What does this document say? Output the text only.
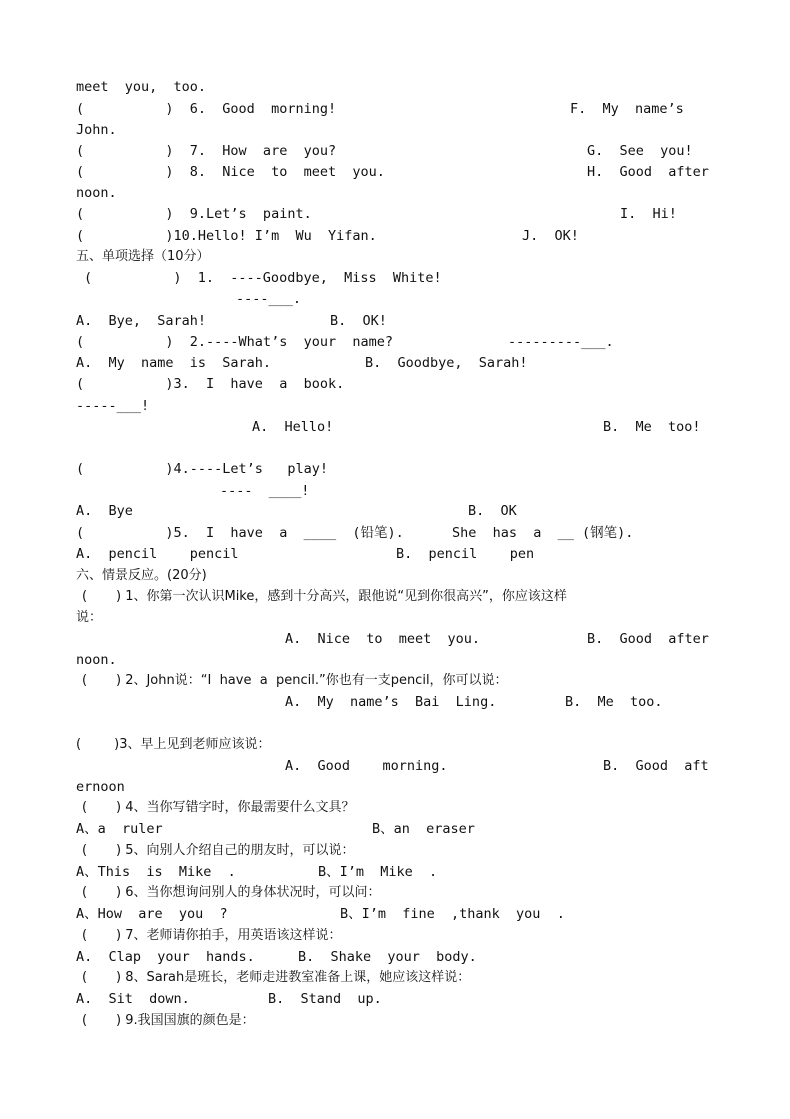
meet  you,  too.
(          )  6.  Good  morning!	F.  My  name’s
John.
(          )  7.  How  are  you?	G.  See  you!
(          )  8.  Nice  to  meet  you.	H.  Good  after
noon.
(          )  9.Let’s  paint.	I.  Hi!
(          )10.Hello! I’m  Wu  Yifan.	J.  OK!
五、单项选择（10分）
(          )  1.  ----Goodbye,  Miss  White!
----___.
A.  Bye,  Sarah!	B.  OK!
(          )  2.----What’s  your  name?	---------___.
A.  My  name  is  Sarah.	B.  Goodbye,  Sarah!
(          )3.  I  have  a  book.
-----___!
A.  Hello!	B.  Me  too!
(          )4.----Let’s   play!
----  ____!
A.  Bye	B.  OK
(          )5.  I  have  a  ____  (铅笔).	She  has  a  __ (钢笔).
A.  pencil    pencil	B.  pencil    pen
六、情景反应。(20分)
(       ) 1、你第一次认识Mike，感到十分高兴，跟他说“见到你很高兴”，你应该这样
说：
A.  Nice  to  meet  you.	B.  Good  after
noon.
(       ) 2、John说：“I  have  a  pencil.”你也有一支pencil，你可以说：
A.  My  name’s  Bai  Ling.	B.  Me  too.
(        )3、早上见到老师应该说：
A.  Good    morning.	B.  Good  aft
ernoon
(       ) 4、当你写错字时，你最需要什么文具？
A、a  ruler	B、an  eraser
(       ) 5、向别人介绍自己的朋友时，可以说：
A、This  is  Mike  .	B、I’m  Mike  .
(       ) 6、当你想询问别人的身体状况时，可以问：
A、How  are  you  ?	B、I’m  fine  ,thank  you  .
(       ) 7、老师请你拍手，用英语该这样说：
A.  Clap  your  hands.	B.  Shake  your  body.
(       ) 8、Sarah是班长，老师走进教室准备上课，她应该这样说：
A.  Sit  down.	B.  Stand  up.
(       ) 9.我国国旗的颜色是：
